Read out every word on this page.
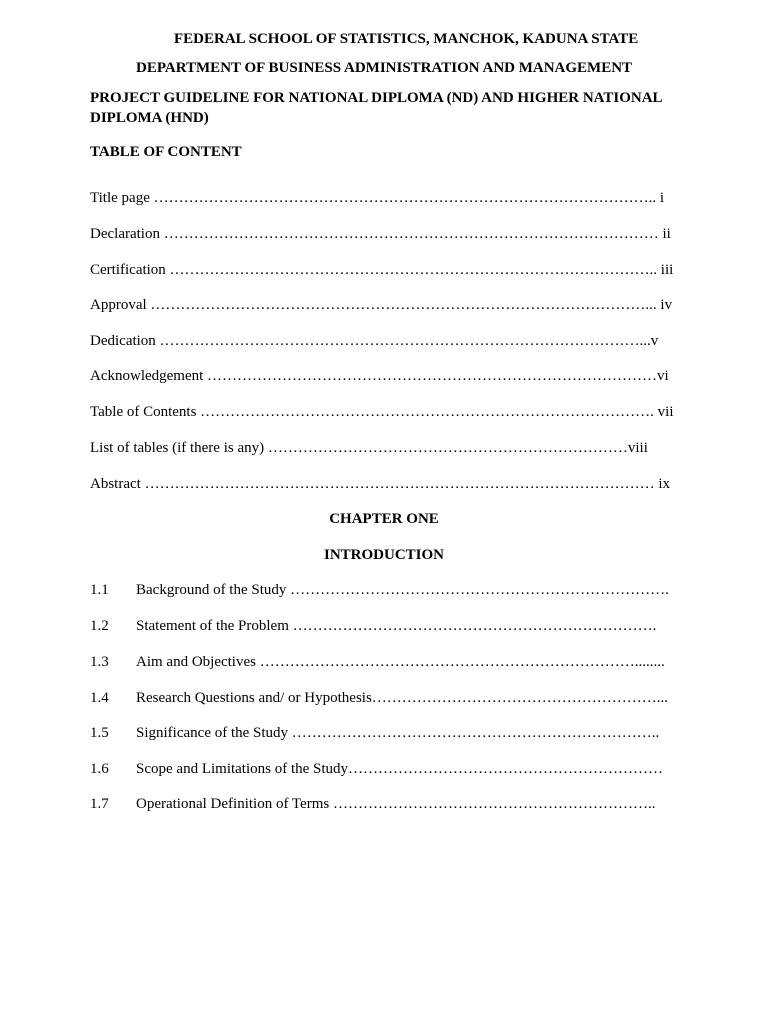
FEDERAL SCHOOL OF STATISTICS, MANCHOK, KADUNA STATE
DEPARTMENT OF BUSINESS ADMINISTRATION AND MANAGEMENT
PROJECT GUIDELINE FOR NATIONAL DIPLOMA (ND) AND HIGHER NATIONAL
DIPLOMA (HND)
TABLE OF CONTENT
Title page ……………………………………………………………………………………….. i
Declaration ……………………………………………………………………………………… ii
Certification …………………………………………………………………………………….. iii
Approval ………………………………………………………………………………………... iv
Dedication ……………………………………………………………………………………...v
Acknowledgement ………………………………………………………………………………vi
Table of Contents ………………………………………………………………………………. vii
List of tables (if there is any) ………………………………………………………………viii
Abstract ………………………………………………………………………………………… ix
CHAPTER ONE
INTRODUCTION
1.1 Background of the Study ………………………………………………………………….
1.2 Statement of the Problem ……………………………………………………………….
1.3 Aim and Objectives …………………………………………………………………........
1.4 Research Questions and/ or Hypothesis…………………………………………………...
1.5 Significance of the Study ………………………………………………………………..
1.6 Scope and Limitations of the Study………………………………………………………
1.7 Operational Definition of Terms ………………………………………………………..
